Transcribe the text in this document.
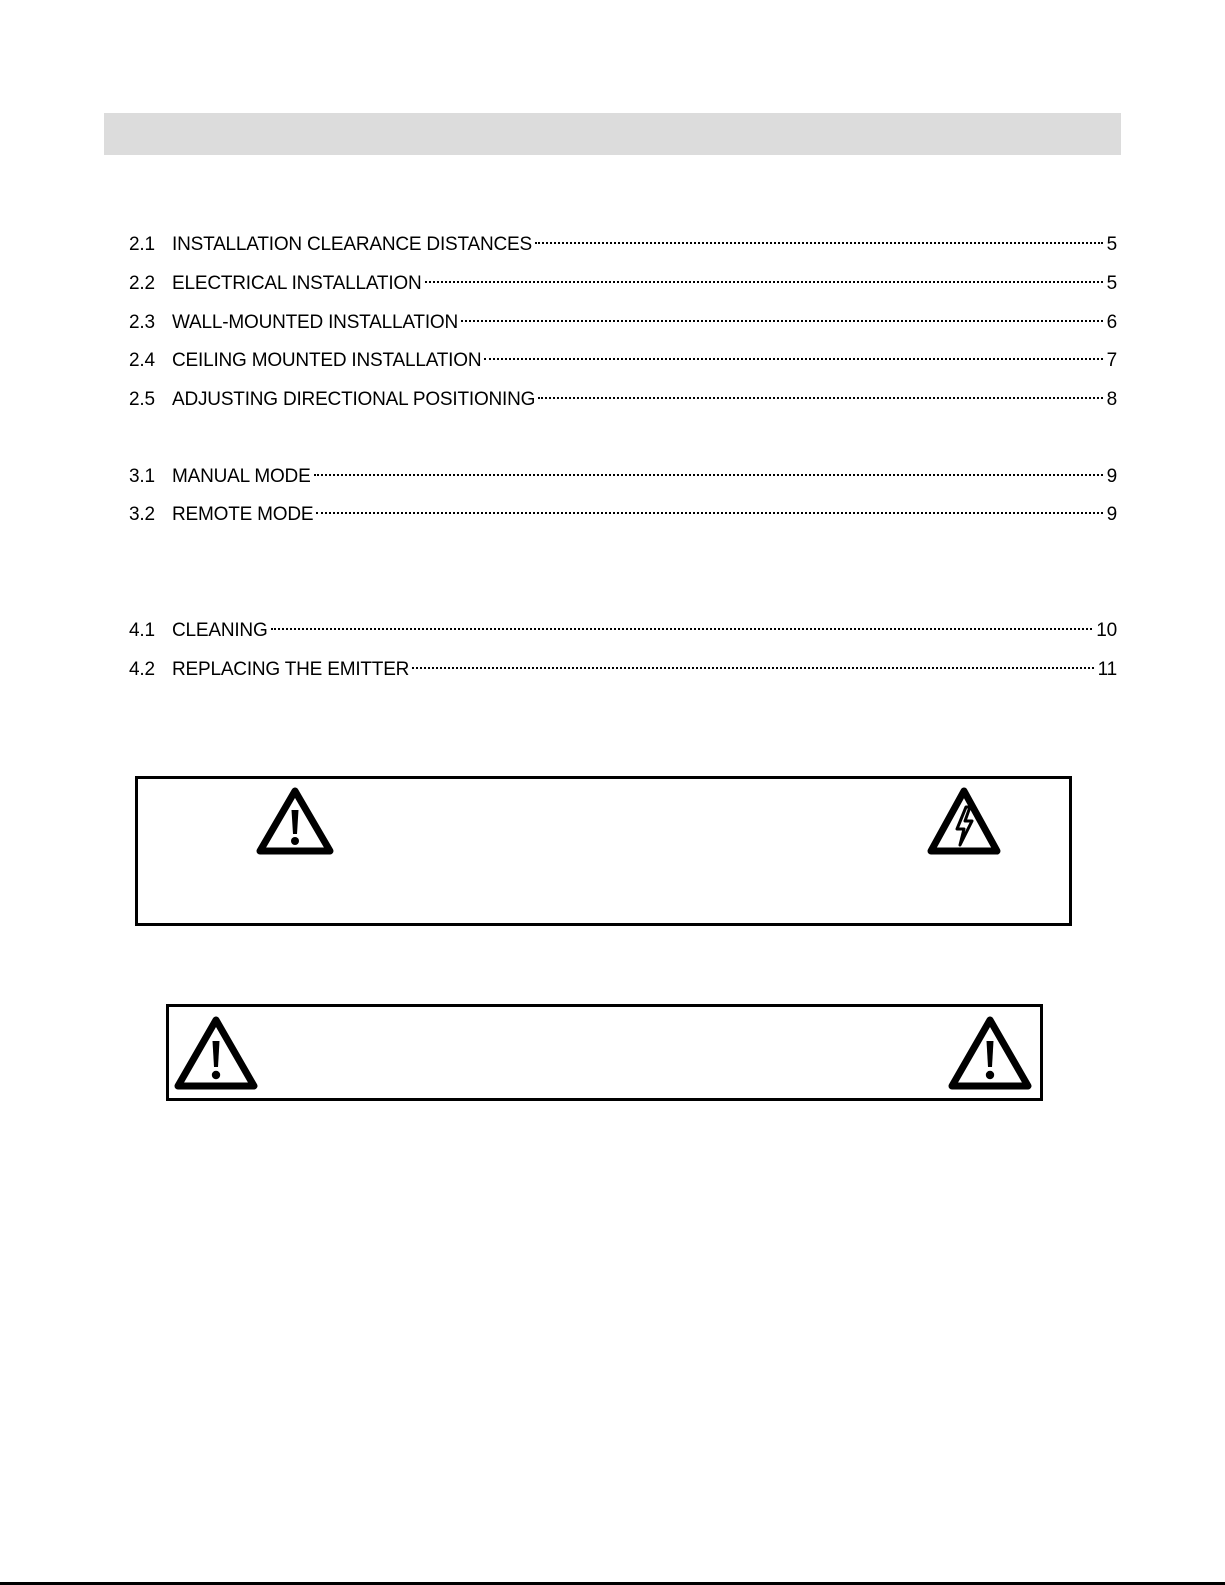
2.1 INSTALLATION CLEARANCE DISTANCES	5
2.2 ELECTRICAL INSTALLATION	5
2.3 WALL-MOUNTED INSTALLATION	6
2.4 CEILING MOUNTED INSTALLATION	7
2.5 ADJUSTING DIRECTIONAL POSITIONING	8
3.1 MANUAL MODE	9
3.2 REMOTE MODE	9
4.1 CLEANING	10
4.2 REPLACING THE EMITTER	11
